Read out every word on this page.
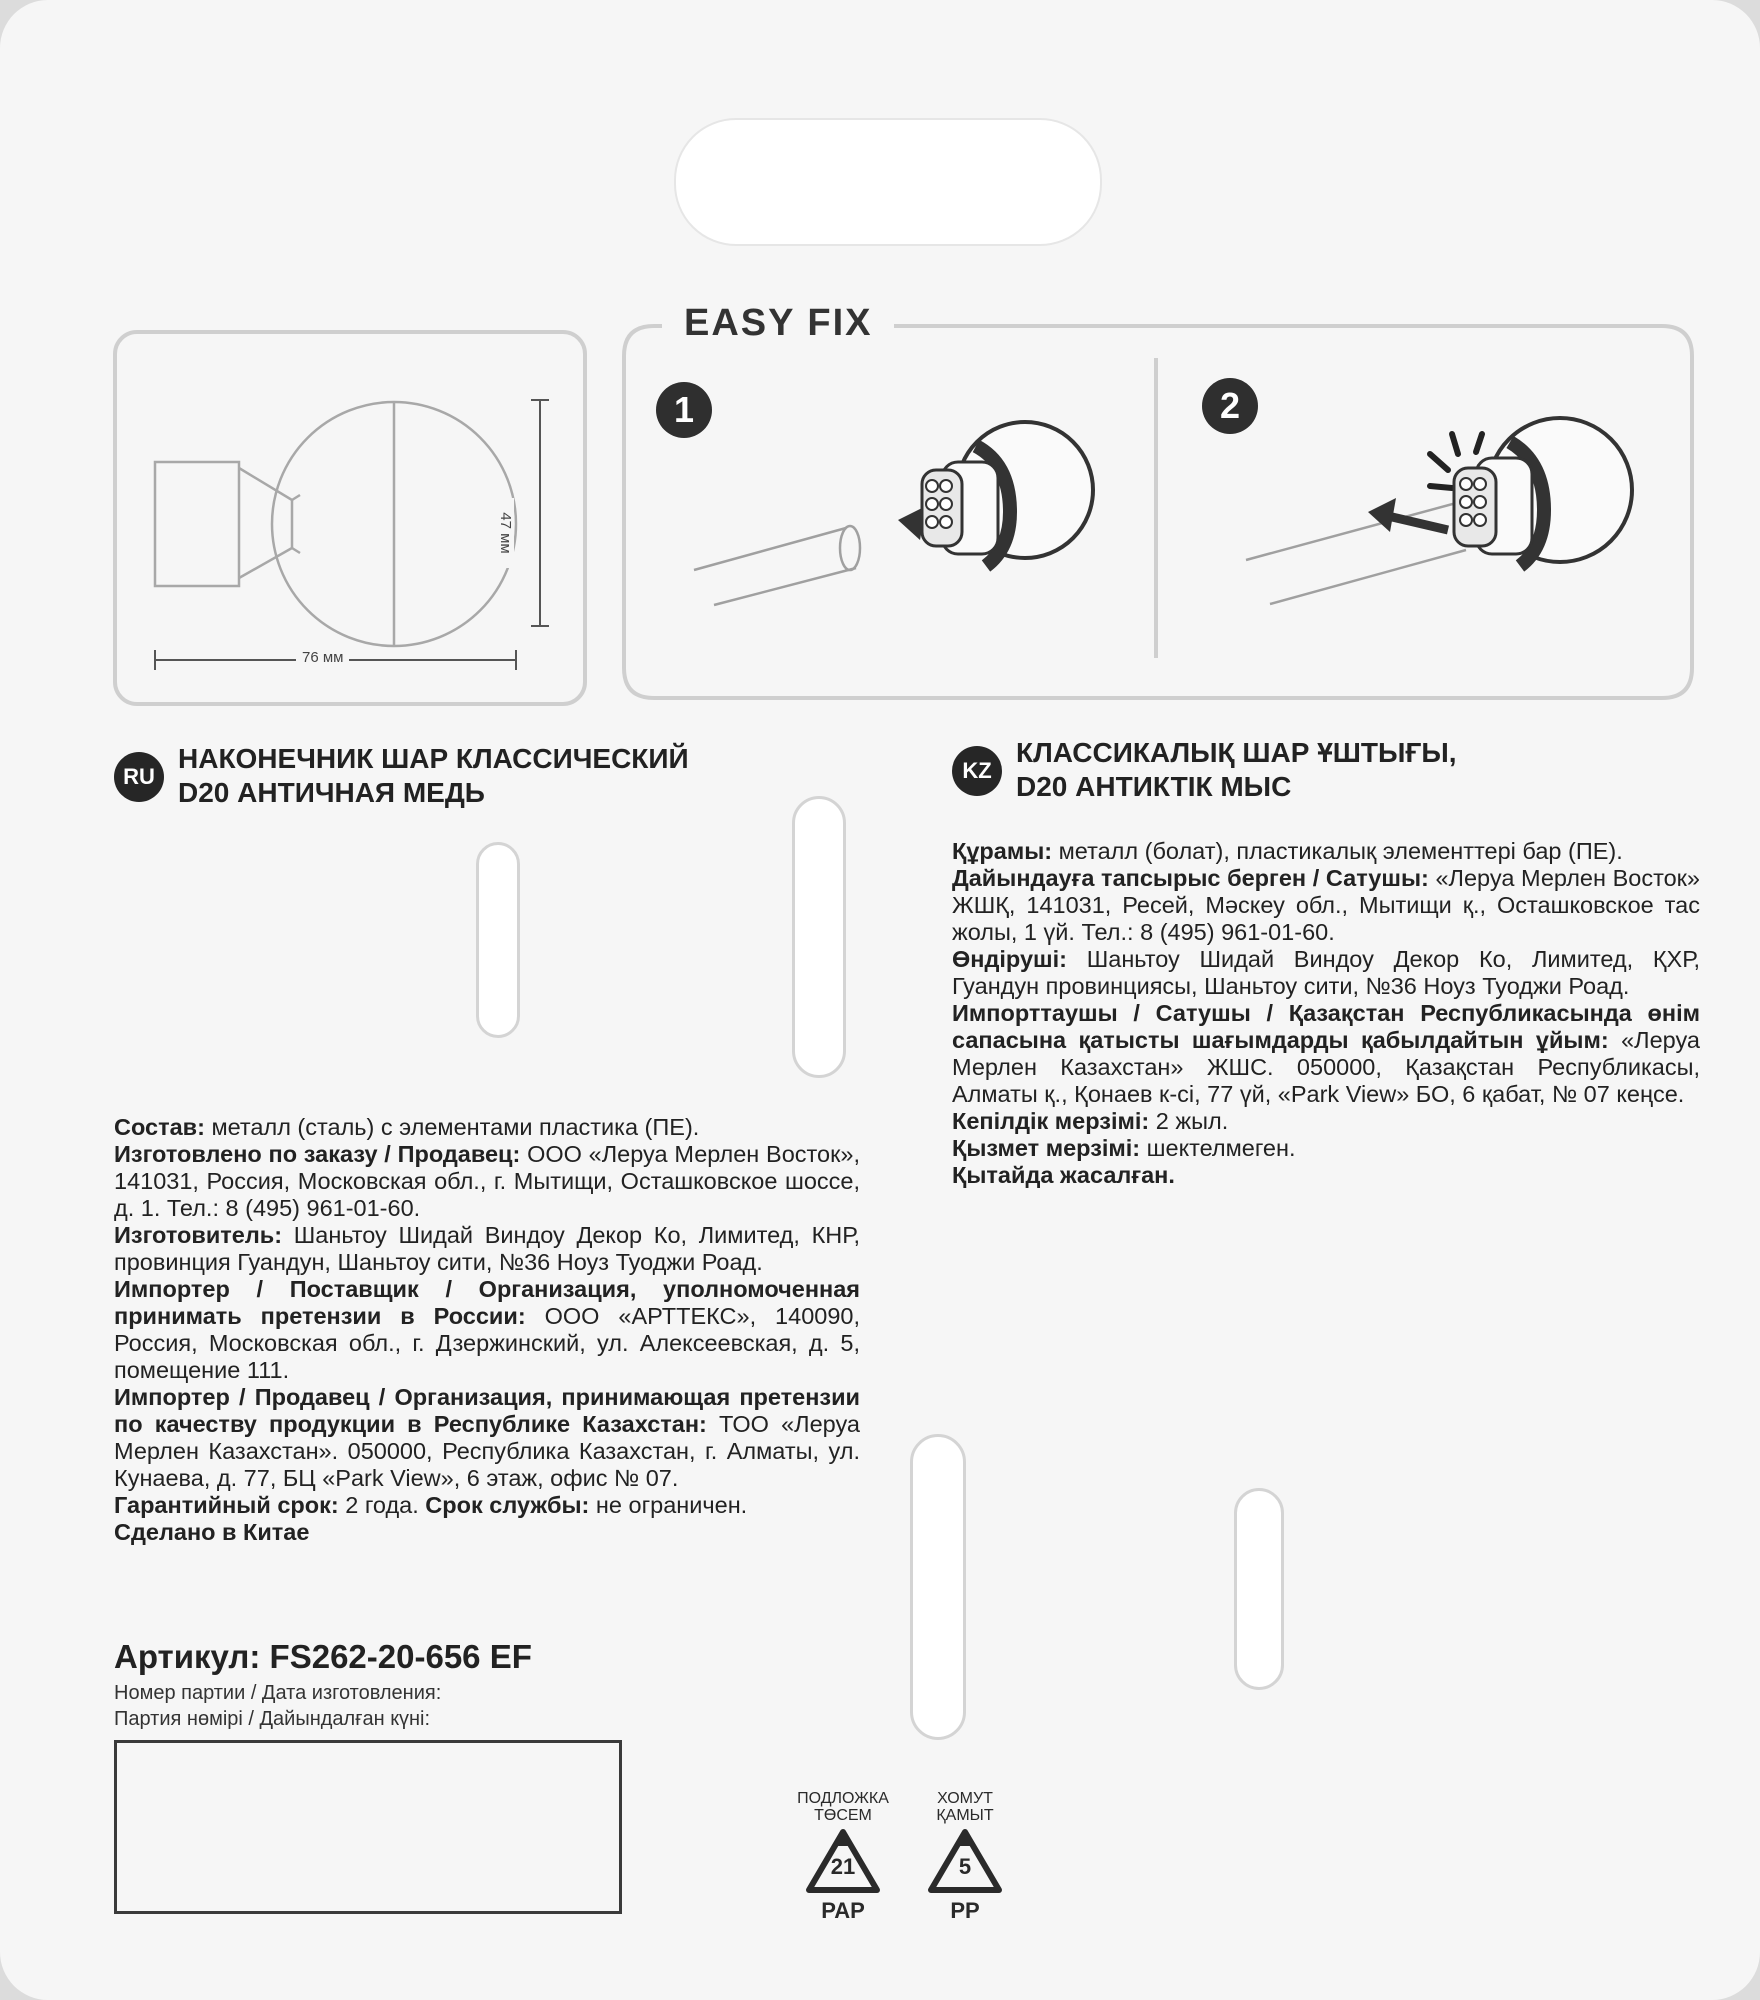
47 мм
76 мм
EASY FIX
1	2
RU
НАКОНЕЧНИК ШАР КЛАССИЧЕСКИЙ
D20 АНТИЧНАЯ МЕДЬ
KZ
КЛАССИКАЛЫҚ ШАР ҰШТЫҒЫ,
D20 АНТИКТІК МЫС

Состав: металл (сталь) с элементами пластика (ПЕ).

Изготовлено по заказу / Продавец: ООО «Леруа Мерлен Восток», 141031, Россия, Московская обл., г. Мытищи, Осташковское шоссе, д. 1. Тел.: 8 (495) 961-01-60.

Изготовитель: Шаньтоу Шидай Виндоу Декор Ко, Лимитед, КНР, провинция Гуандун, Шаньтоу сити, №36 Ноуз Туоджи Роад.

Импортер / Поставщик / Организация, уполномоченная принимать претензии в России: ООО «АРТТЕКС», 140090, Россия, Московская обл., г. Дзержинский, ул. Алексеевская, д. 5, помещение 111.

Импортер / Продавец / Организация, принимающая претензии по качеству продукции в Республике Казахстан: ТОО «Леруа Мерлен Казахстан». 050000, Республика Казахстан, г. Алматы, ул. Кунаева, д. 77, БЦ «Park View», 6 этаж, офис № 07.

Гарантийный срок: 2 года. Срок службы: не ограничен.

Сделано в Китае

Құрамы: металл (болат), пластикалық элементтері бар (ПЕ).

Дайындауға тапсырыс берген / Сатушы: «Леруа Мерлен Восток» ЖШҚ, 141031, Ресей, Мәскеу обл., Мытищи қ., Осташковское тас жолы, 1 үй. Тел.: 8 (495) 961-01-60.

Өндіруші: Шаньтоу Шидай Виндоу Декор Ко, Лимитед, ҚХР, Гуандун провинциясы, Шаньтоу сити, №36 Ноуз Туоджи Роад.

Импорттаушы / Сатушы / Қазақстан Республикасында өнім сапасына қатысты шағымдарды қабылдайтын ұйым: «Леруа Мерлен Казахстан» ЖШС. 050000, Қазақстан Республикасы, Алматы қ., Қонаев к-сі, 77 үй, «Park View» БО, 6 қабат, № 07 кеңсе.

Кепілдік мерзімі: 2 жыл.

Қызмет мерзімі: шектелмеген.

Қытайда жасалған.

Артикул: FS262-20-656 EF
Номер партии / Дата изготовления:
Партия нөмірі / Дайындалған күні:
ПОДЛОЖКА
ТӨСЕМ
21
PAP
ХОМУТ
ҚАМЫТ
5
PP
